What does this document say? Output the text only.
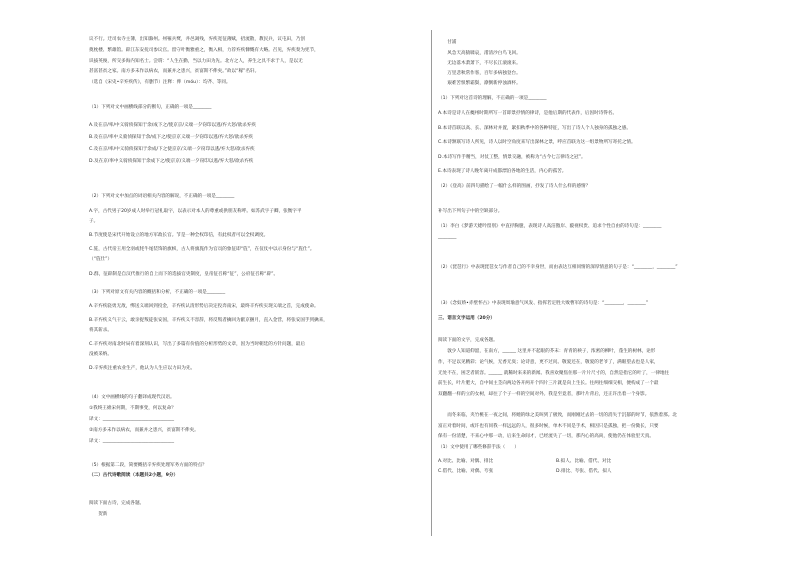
议不行。迁司农寺主簿，出知滁州。州罹兵燹，井邑凋残，弃疾宽征薄赋，招流散，教民兵，议屯田，乃创
奠枕楼、繁雄馆。辟江东安抚司参议官。留守叶衡雅重之，衡入相，力荐弃疾慷慨有大略。召见，弃疾奏为宪节，
识拔英俊，所交多海内知名士。尝谓：“人生在勤，当以力田为先。北方之人，养生之具不求于人，是以无
甚富甚贫之家。南方多末作以病农，而兼并之患兴，贫富斯不侔矣。”故以“稼”名轩。
（选自《宋史•辛弃疾传》，有删节）注释：侔（móu）：均齐、等同。
（1）下列对文中画横线部分的断句，正确的一项是________
A.及在京/率/中义骑侦探知于余/成下之/使京京/义端一夕窃印以逃/弃大怒/欲杀弃疾
B.及在京/率中义骑侦探知于余/成下之/使京京义端一夕窃印以逃/弃大怒/欲杀弃疾
C.及在京/率/中义骑侦探知于余成/下之使京京/义端一夕窃印以逃/弃大怒/欲杀弃疾
D.及在京/率中义骑侦探知于余成下之/使京京/义端一夕窃印以逃/弃大怒/欲杀弃疾
（2）下列对文中加点的词语相关内容的解说，不正确的一项是________
A.字，古代男子20岁成人时举行冠礼取字，以表示对本人的尊重或供朋友称呼。如苏武字子卿，张衡字平
子。
B.节度使是宋代开始设立的地方军政长官。节是一种全权印信，有此权者可以全权调度。
C.旌，古代帝王用全羽或牦牛尾装饰的旗帜，古人将旗旄作为官员的象征即“旌”，在仪仗中以示身份与“旌仕”。
（“旌仕”）
D.群，征辟制是自汉代推行的自上而下的选拔官吏制度，皇帝征召称“征”，公府征召称“辟”。
（3）下列对原文有关内容的概括和分析，不正确的一项是________
A.辛弃疾骁勇无敌，绑送义端回到投金，辛弃疾认清形势后决定投奔南宋，最终辛弃疾实现义端之首，完成使命。
B.辛弃疾义气干云，敢亲捉叛徒张安国，辛弃疾义不容辞，将反叛者擒回为献京捆月，直入金营，将张安国手到擒来，
将其斩杀。
C.辛弃疾对南北时局有着深刻认识，写出了多篇有价值的分析形势的文章，因为当时朝廷的方针问题，最后
没被采纳。
D.辛弃疾注重农业生产，他认为人生应以力田为先。
（4）文中画横线的句子翻译成现代汉语。
①我终王绵宋何期，不期事变，何以复命？
译文：_______________________________
②南方多末作以病农，而兼并之患兴，贫富斯不侔矣。
译文：_______________________________
（5）根据第二段，简要概括辛弃疾处理军务方面的特点？
（二）古代诗歌阅读（本题共2小题，9分）
阅读下面古诗，完成各题。
　　贺新
　　甘浦
　　风急天高猿啸哀，渚清沙白鸟飞回。
　　无边落木萧萧下，不尽长江滚滚来。
　　万里悲秋常作客，百年多病独登台。
　　艰难苦恨繁霜鬓，潦倒新停浊酒杯。
（1）下列对这首诗的理解，不正确的一项是________
A.本诗是诗人在夔州时期所写一首即景抒情的律诗，是他后期的代表作，后因时诗得名。
B.本诗首联以高、长、深林对并置，紧扣秋季中的各种特征，写出了诗人个人独身的孤独之感。
C.本诗颔联写诗人所见，诗人以时空角度来写出深林之景，呼应首联为这一组景物所写寄托之情。
D.本诗写作手精当，对仗工整，情景交融，被称为“古今七言律诗之冠”。
E.本诗表现了诗人晚年离开成都漂泊各地的生活，内心的孤苦。
（2）《登高》前四句描绘了一幅什么样的图画，抒发了诗人什么样的感情？
补写出下列句子中的空缺部分。
（1）李白《梦游天姥吟留别》中直抒胸臆，表现诗人高洁傲岸、藐视权贵、追求个性自由的诗句是：________
________
（2）《琵琶行》中表现琵琶女与作者自己的不幸身世，而由表达互相同情的深厚情意的句子是：“________，________”
（3）《念奴娇•赤壁怀古》中表现周瑜意气风发、指挥若定胜大败曹军的诗句是：“________，________”
三、语言文字运用（20分）
阅读下面的文字，完成各题。
　　敦少人知道仰韶，在南方，______ 这里并不起眼的芥末：青青的秧子，浓密的柳叶，蓬生的树林，论形
作，不足以见精彩；论气候，无香无臭；论诗意，更不过问。敬爱还在，敬爱的老爷了，满眼望去也是人家，
无处不在，困乏者嵌容。______ 就稀时来来的新闻。我喜欢聚焦住那一片片尺寸的，自然是指它的叶了，一律地往
前生长，叶片肥大，自中间主茎向两边各开两开个四片三片就是向上生长。往两往细细交相，便构成了一个最
双翻翻一样的立的女树，却往了个子一样的空间对外。我是至竟者，那叶片背后，还正许出着一个身影。
　　而冬来临，夹竹桃在一夜之间，将她的绿之美叫到了极致，而刚刚过去的一切的消失于沉郁的时节，依然着那。北
富正对着时间，或许也有同我一样远远的人，很多时候，单木不同是手术，相因只是孤独，把一份微长，只要
保有一份清楚，不来心中那一动，后来生命间才，已经流失了一切，那内心的高尚，使他仍在体验里天真。
（1）文中使用了哪些修辞手法（　　）
A.对比、比喻、对偶、排比	B.拟人、比喻、借代、对比
C.借代、比喻、对偶、夸张	D.排比、夸张、借代、拟人
